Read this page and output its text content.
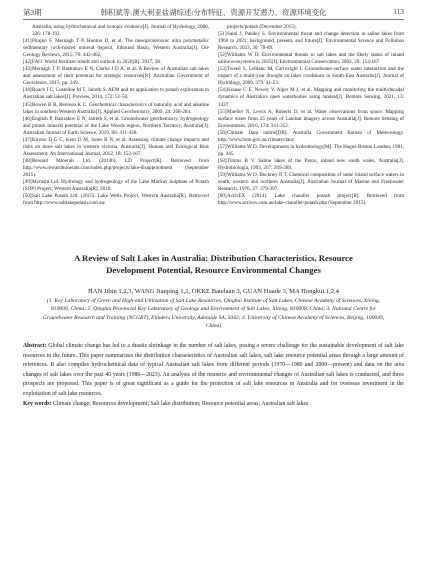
第3期	韩积斌等:澳大利亚盐湖综述:分布特征、资源开发潜力、资源环境变化	113

Australia, using hydrochemical and isotopic evidence[J]. Journal of Hydrology, 2006, 326: 178-192.

[41]Pirajno F, Mernagh T P, Hunton D, et al. The mesoproterozoic ultra polymetallic sedimentary rock-hosted mineral deposit, Edmund Basin, Western Australia[J]. Ore Geology Reviews, 2015, 76: 442-462.

[42]FAO. World fertilizer trends and outlook to 2020[R]. 2017, 38.

[43]Mernagh T P, Bastrakov E N, Clarke J D A, et al. A Review of Australian salt lakes and assessment of their potential for strategic resources[R]. Australian Government of Geoscience, 2013, pp. 249.

[44]Roach I C, Costelloe M T, Jaireth S. AEM and its application to potash exploration in Australian salt lakes[J]. Preview, 2014, 172: 51-58.

[45]Bowen B B, Benison K C. Geochemical characteristics of naturally acid and alkaline lakes in southern Western Australia[J]. Applied Geochemistry, 2009, 24: 268-284.

[46]English P, Bastrakov E N, Jaireth S, et al. Groundwater geochemistry, hydrogeology and potash mineral potential of the Lake Woods region, Northern Territory, Australia[J]. Australian Journal of Earth Science, 2019, 66: 411-430.

[47]Kirono D G C, Kent D M, Jones R N, et al. Assessing climate change impacts and risks on three salt lakes in western victoria, Australia[J]. Human and Ecological Risk Assessment: An International Journal, 2012, 18: 152-167.

[48]Reward Minerals Ltd. (2014b). LD Project[R]. Retrieved from http://www.rewardminerals.com/index.php/projects/lake-disappointment (September 2015).

[49]Mymsin Ltd. Hydrology and hydrogeology of the Lake Mackay Sulphate of Potash (SOP) Project, Western Australia[R]. 2018.

[50]Salt Lake Potash Ltd. (2015). Lake Wells Project, Western Australia[R]. Retrieved from http://www.saltlakepotash.com.au/

projects/potash (December 2015).

[51]Saini J, Pandey S. Environmental threat and change detection in saline lakes from 1960 to 2021: background, present, and future[J]. Environmental Science and Pollution Research, 2023, 30: 78-89.

[52]Williams W D. Environmental threats to salt lakes and the likely status of inland saline ecosystems in 2025[J]. Environmental Conservation, 2002, 29: 154-167.

[53]Tweed S, Leblanc M, Cartwright I. Groundwater-surface water interaction and the impact of a multi-year drought on lakes conditions in South-East Australia[J]. Journal of Hydrology, 2009, 379: 41-53.

[54]Krause C E, Newey V, Alger M J, et al. Mapping and monitoring the multi-decadal dynamics of Australia's open waterbodies using landsat[J]. Remote Sensing, 2021, 13: 1437.

[55]Mueller N, Lewis A, Roberts D, et al. Water observations from space: Mapping surface water from 25 years of Landsat imagery across Australia[J]. Remote Sensing of Environment, 2016, 174: 341-352.

[56]Climate Data online[DB]. Australia Government Bureau of Meteorology. http://www.bom.gov.au/climate/data/

[57]Williams W D. Developments in hydrobiology[M]. The Hague Boston London, 1981, pp. 445.

[58]Timms B V. Saline lakes of the Paroo, inland new south wales, Australia[J]. Hydrobiologia, 1993, 267: 269-289.

[59]Williams W D, Buckney R T. Chemical composition of some inland surface waters in south, western and northern Australia[J]. Australian Journal of Marine and Freshwater Research, 1976, 27: 379-397.

[60]ActivEX (2014). Lake chandler potash project[R]. Retrieved from http://www.activex.com.au/lake-chandler-potash.php (September 2015).

A Review of Salt Lakes in Australia: Distribution Characteristics, Resource
Development Potential, Resource Environmental Changes
HAN Jibin 1,2,3, WANG Jianping 1,2, OKKE Batelaan 3, GUAN Huade 3, MA Hongkui 1,2,4
(1. Key Laboratory of Green and High-end Utilization of Salt Lake Resources, Qinghai Institute of Salt Lakes, Chinese Academy of Sciences, Xining, 810008, China; 2. Qinghai Provincial Key Laboratory of Geology and Environment of Salt Lakes, Xining, 810008, China; 3. National Centre for Groundwater Research and Training (NCGRT), Flinders University, Adelaide SA, 5042; 4. University of Chinese Academy of Sciences, Beijing, 100049, China)
Abstract: Global climate change has led to a drastic shrinkage in the number of salt lakes, posing a severe challenge for the sustainable development of salt lake resources in the future. This paper summarizes the distribution characteristics of Australian salt lakes, salt lake resource potential areas through a large amount of references. It also compiles hydrochemical data of typical Australian salt lakes from different periods (1970—1980 and 2000—present) and data on the area changes of salt lakes over the past 40 years (1986—2023). An analysis of the resource and environmental changes of Australian salt lakes is conducted, and three prospects are proposed. This paper is of great significant as a guide for the protection of salt lake resources in Australia and for overseas investment in the exploitation of salt lake resources.
Key words: Climate change; Resources development; Salt lake distribution; Resource potential areas; Australian salt lakes
